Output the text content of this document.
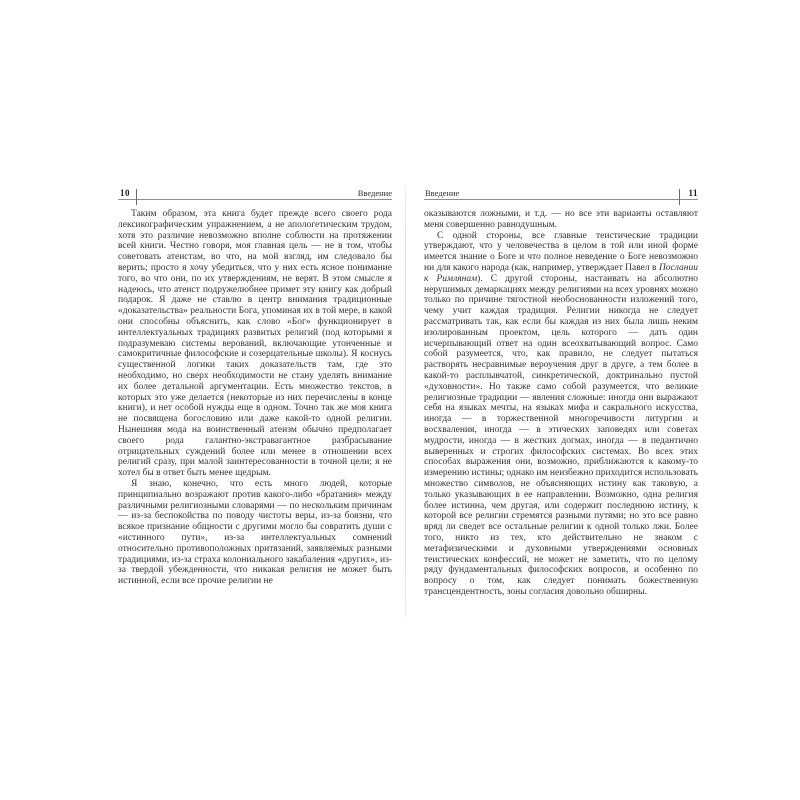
10	Введение

Таким образом, эта книга будет прежде всего своего рода лексикографическим упражнением, а не апологетическим трудом, хотя это различие невозможно вполне соблюсти на протяжении всей книги. Честно говоря, моя главная цель — не в том, чтобы советовать атеистам, во что, на мой взгляд, им следовало бы верить; просто я хочу убедиться, что у них есть ясное понимание того, во что они, по их утверждениям, не верят. В этом смысле я надеюсь, что атеист подружелюбнее примет эту книгу как добрый подарок. Я даже не ставлю в центр внимания традиционные «доказательства» реальности Бога, упоминая их в той мере, в какой они способны объяснить, как слово «Бог» функционирует в интеллектуальных традициях развитых религий (под которыми я подразумеваю системы верований, включающие утонченные и самокритичные философские и созерцательные школы). Я коснусь существенной логики таких доказательств там, где это необходимо, но сверх необходимости не стану уделять внимание их более детальной аргументации. Есть множество текстов, в которых это уже делается (некоторые из них перечислены в конце книги), и нет особой нужды еще в одном. Точно так же моя книга не посвящена богословию или даже какой-то одной религии. Нынешняя мода на воинственный атеизм обычно предполагает своего рода галантно-экстравагантное разбрасывание отрицательных суждений более или менее в отношении всех религий сразу, при малой заинтересованности в точной цели; я не хотел бы в ответ быть менее щедрым.

Я знаю, конечно, что есть много людей, которые принципиально возражают против какого-либо «братания» между различными религиозными словарями — по нескольким причинам — из-за беспокойства по поводу чистоты веры, из-за боязни, что всякое признание общности с другими могло бы совратить души с «истинного пути», из-за интеллектуальных сомнений относительно противоположных притязаний, заявляемых разными традициями, из-за страха колониального закабаления «других», из-за твердой убежденности, что никакая религия не может быть истинной, если все прочие религии не

Введение	11

оказываются ложными, и т.д. — но все эти варианты оставляют меня совершенно равнодушным.

С одной стороны, все главные теистические традиции утверждают, что у человечества в целом в той или иной форме имеется знание о Боге и что полное неведение о Боге невозможно ни для какого народа (как, например, утверждает Павел в Послании к Римлянам). С другой стороны, настаивать на абсолютно нерушимых демаркациях между религиями на всех уровнях можно только по причине тягостной необоснованности изложений того, чему учит каждая традиция. Религии никогда не следует рассматривать так, как если бы каждая из них была лишь неким изолированным проектом, цель которого — дать один исчерпывающий ответ на один всеохватывающий вопрос. Само собой разумеется, что, как правило, не следует пытаться растворять несравнимые вероучения друг в друге, а тем более в какой-то расплывчатой, синкретической, доктринально пустой «духовности». Но также само собой разумеется, что великие религиозные традиции — явления сложные: иногда они выражают себя на языках мечты, на языках мифа и сакрального искусства, иногда — в торжественной многоречивости литургии и восхваления, иногда — в этических заповедях или советах мудрости, иногда — в жестких догмах, иногда — в педантично выверенных и строгих философских системах. Во всех этих способах выражения они, возможно, приближаются к какому-то измерению истины; однако им неизбежно приходится использовать множество символов, не объясняющих истину как таковую, а только указывающих в ее направлении. Возможно, одна религия более истинна, чем другая, или содержит последнюю истину, к которой все религии стремятся разными путями; но это все равно вряд ли сведет все остальные религии к одной только лжи. Более того, никто из тех, кто действительно не знаком с метафизическими и духовными утверждениями основных теистических конфессий, не может не заметить, что по целому ряду фундаментальных философских вопросов, и особенно по вопросу о том, как следует понимать божественную трансцендентность, зоны согласия довольно обширны.
